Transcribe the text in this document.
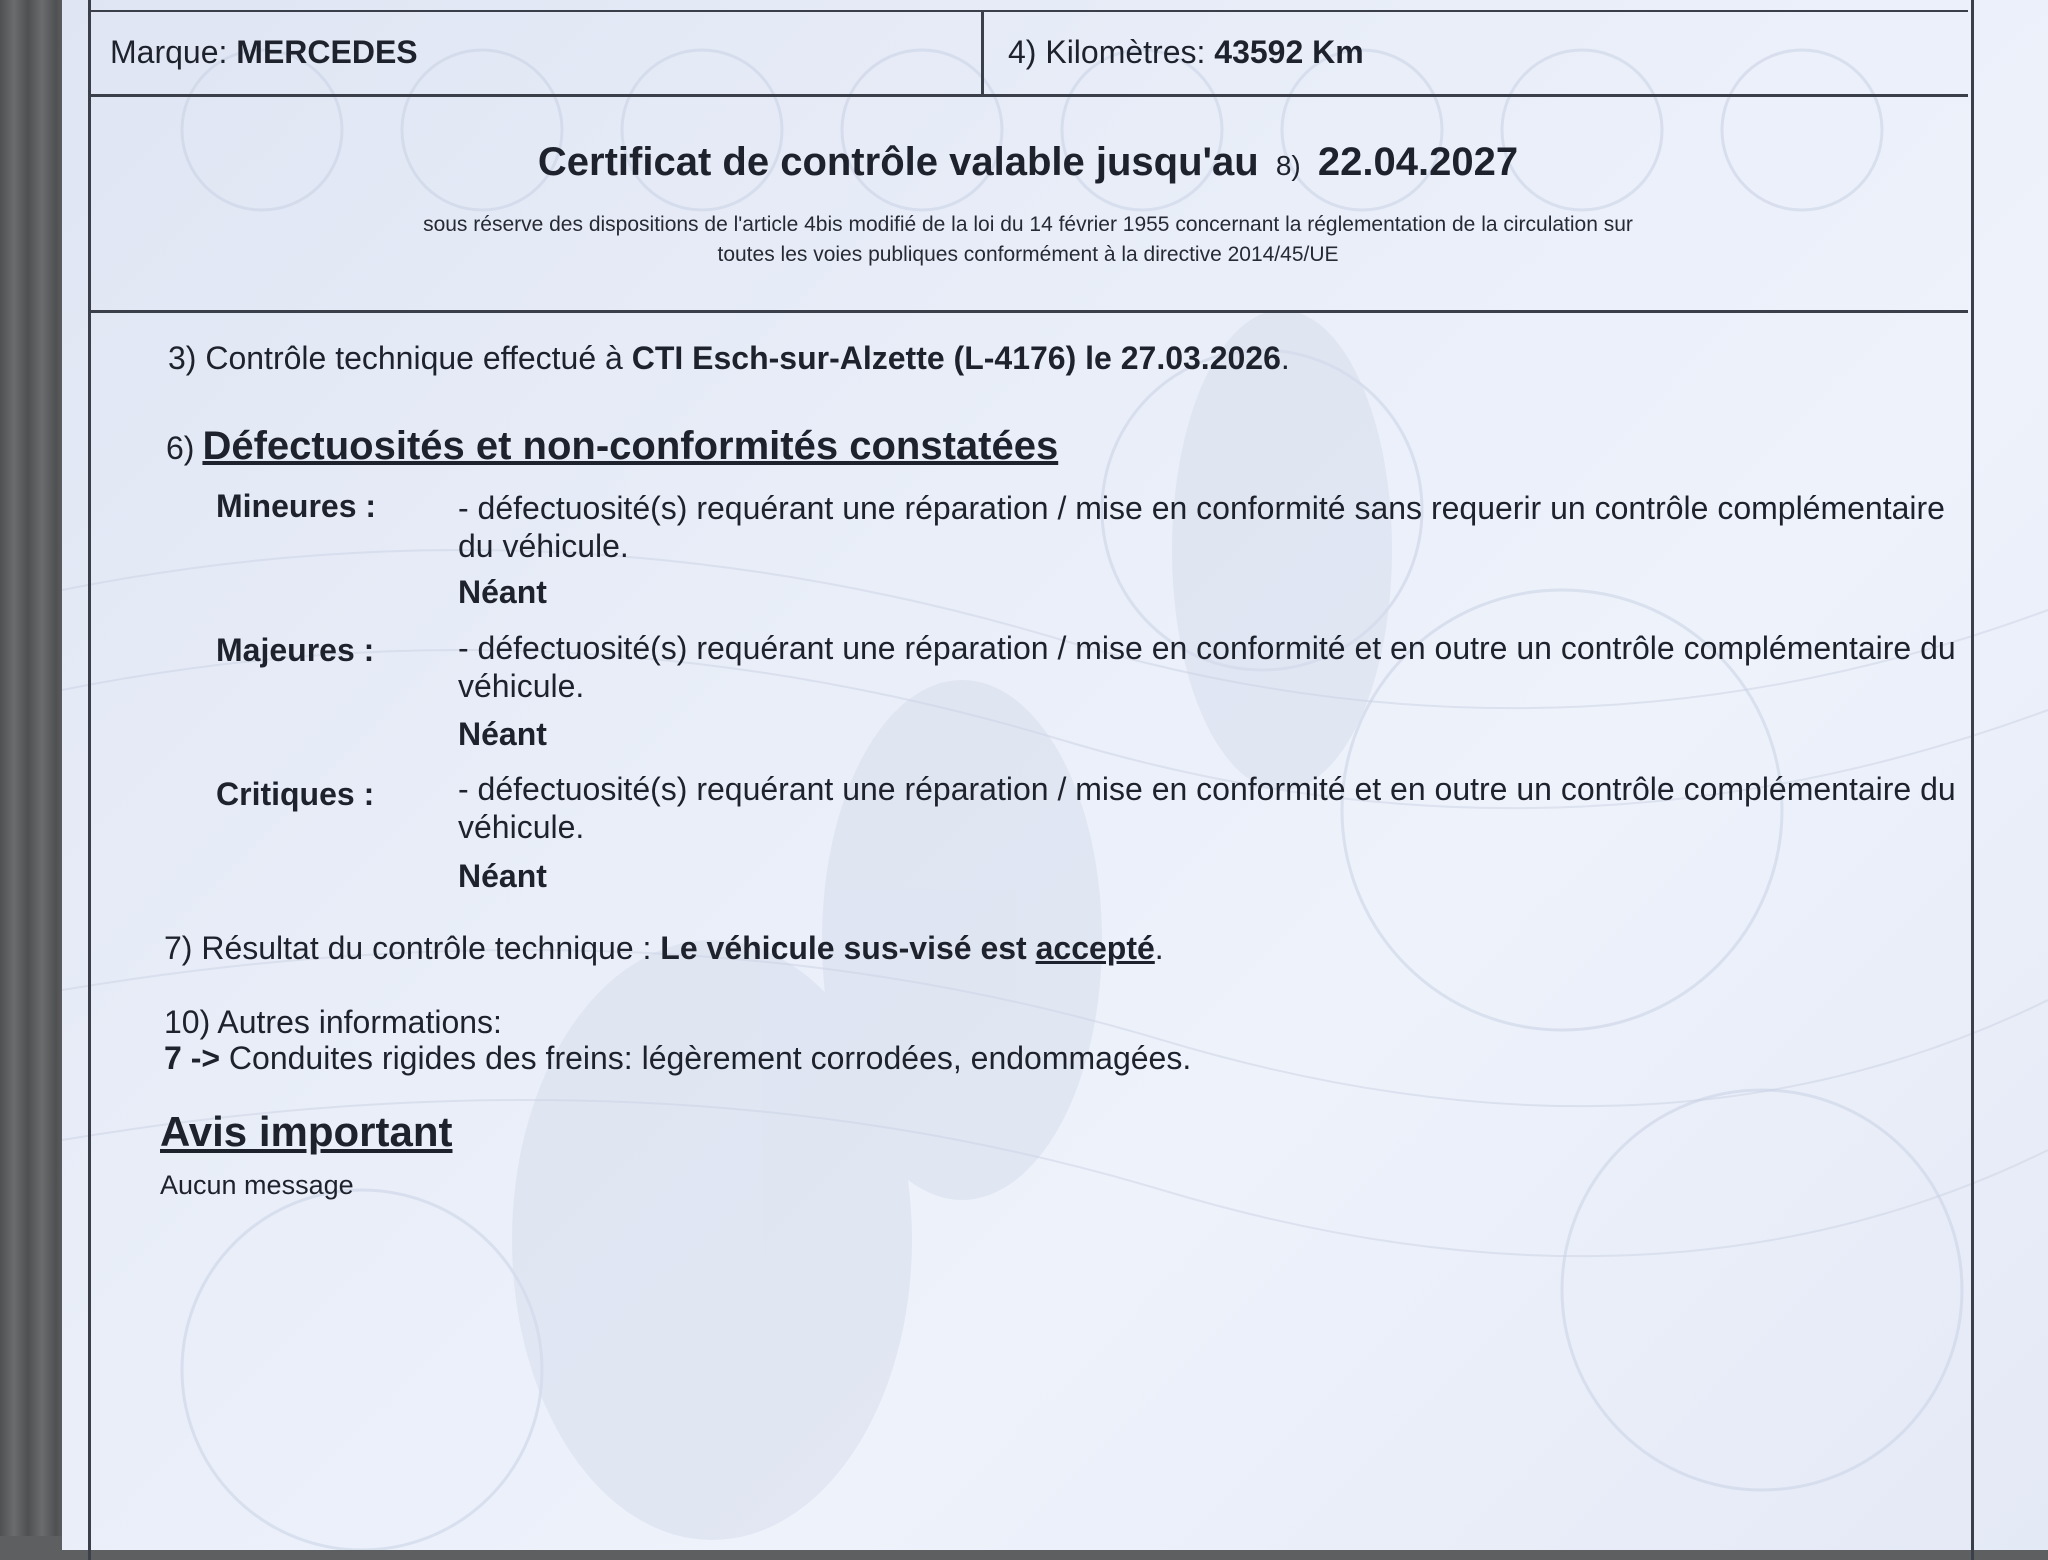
Marque: MERCEDES	4) Kilomètres: 43592 Km
Certificat de contrôle valable jusqu'au 8) 22.04.2027
sous réserve des dispositions de l'article 4bis modifié de la loi du 14 février 1955 concernant la réglementation de la circulation sur
toutes les voies publiques conformément à la directive 2014/45/UE
3) Contrôle technique effectué à CTI Esch-sur-Alzette (L-4176) le 27.03.2026.
6) Défectuosités et non-conformités constatées
Mineures :	- défectuosité(s) requérant une réparation / mise en conformité sans requerir un contrôle complémentaire du véhicule.
Néant
Majeures :	- défectuosité(s) requérant une réparation / mise en conformité et en outre un contrôle complémentaire du véhicule.
Néant
Critiques :	- défectuosité(s) requérant une réparation / mise en conformité et en outre un contrôle complémentaire du véhicule.
Néant
7) Résultat du contrôle technique : Le véhicule sus-visé est accepté.
10) Autres informations:
7 -> Conduites rigides des freins: légèrement corrodées, endommagées.
Avis important
Aucun message
